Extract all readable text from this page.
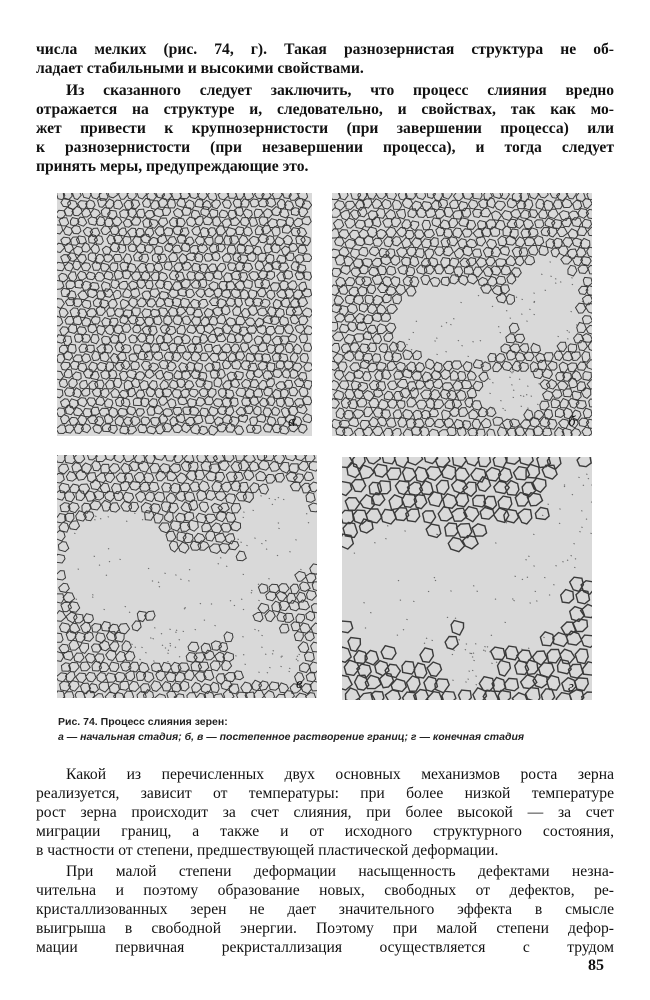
числа мелких (рис. 74, г). Такая разнозернистая структура не об-
ладает стабильными и высокими свойствами.

Из сказанного следует заключить, что процесс слияния вредно
отражается на структуре и, следовательно, и свойствах, так как мо-
жет привести к крупнозернистости (при завершении процесса) или
к разнозернистости (при незавершении процесса), и тогда следует
принять меры, предупреждающие это.

а	б
в	г
Рис. 74. Процесс слияния зерен:
а — начальная стадия; б, в — постепенное растворение границ; г — конечная стадия

Какой из перечисленных двух основных механизмов роста зерна
реализуется, зависит от температуры: при более низкой температуре
рост зерна происходит за счет слияния, при более высокой — за счет
миграции границ, а также и от исходного структурного состояния,
в частности от степени, предшествующей пластической деформации.

При малой степени деформации насыщенность дефектами незна-
чительна и поэтому образование новых, свободных от дефектов, ре-
кристаллизованных зерен не дает значительного эффекта в смысле
выигрыша в свободной энергии. Поэтому при малой степени дефор-
мации первичная рекристаллизация осуществляется с трудом

85
